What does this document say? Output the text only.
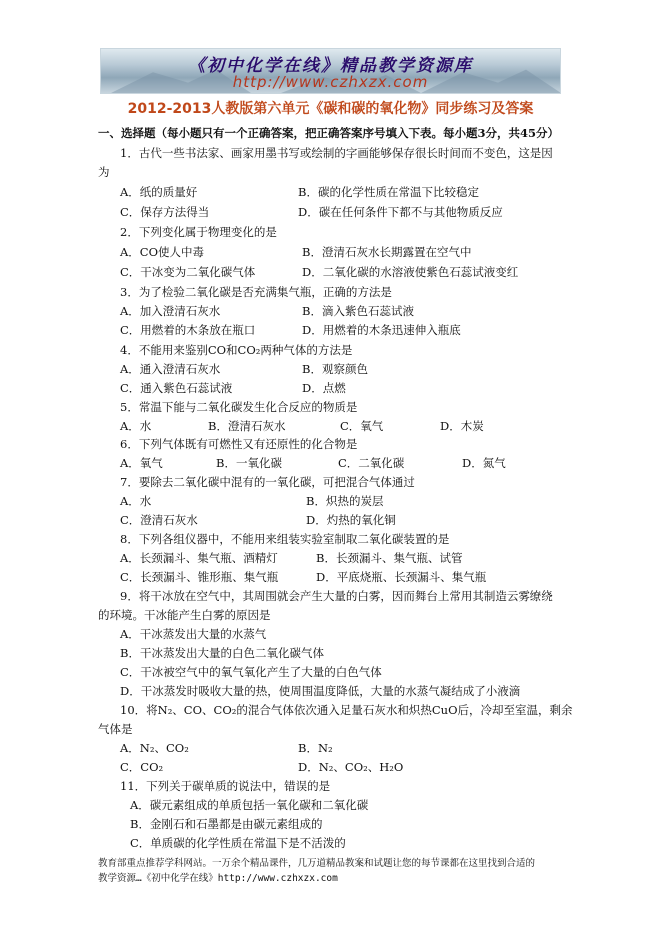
《初中化学在线》精品教学资源库
http://www.czhxzx.com
2012-2013人教版第六单元《碳和碳的氧化物》同步练习及答案
一、选择题（每小题只有一个正确答案，把正确答案序号填入下表。每小题3分，共45分）
1．古代一些书法家、画家用墨书写或绘制的字画能够保存很长时间而不变色，这是因
为
A．纸的质量好	B．碳的化学性质在常温下比较稳定
C．保存方法得当	D．碳在任何条件下都不与其他物质反应
2．下列变化属于物理变化的是
A．CO使人中毒	B．澄清石灰水长期露置在空气中
C．干冰变为二氧化碳气体	D．二氧化碳的水溶液使紫色石蕊试液变红
3．为了检验二氧化碳是否充满集气瓶，正确的方法是
A．加入澄清石灰水	B．滴入紫色石蕊试液
C．用燃着的木条放在瓶口	D．用燃着的木条迅速伸入瓶底
4．不能用来鉴别CO和CO₂两种气体的方法是
A．通入澄清石灰水	B．观察颜色
C．通入紫色石蕊试液	D．点燃
5．常温下能与二氧化碳发生化合反应的物质是
A．水	B．澄清石灰水	C．氧气	D．木炭
6．下列气体既有可燃性又有还原性的化合物是
A．氧气	B．一氧化碳	C．二氧化碳	D．氮气
7．要除去二氧化碳中混有的一氧化碳，可把混合气体通过
A．水	B．炽热的炭层
C．澄清石灰水	D．灼热的氧化铜
8．下列各组仪器中，不能用来组装实验室制取二氧化碳装置的是
A．长颈漏斗、集气瓶、酒精灯	B．长颈漏斗、集气瓶、试管
C．长颈漏斗、锥形瓶、集气瓶	D．平底烧瓶、长颈漏斗、集气瓶
9．将干冰放在空气中，其周围就会产生大量的白雾，因而舞台上常用其制造云雾缭绕
的环境。干冰能产生白雾的原因是
A．干冰蒸发出大量的水蒸气
B．干冰蒸发出大量的白色二氧化碳气体
C．干冰被空气中的氧气氧化产生了大量的白色气体
D．干冰蒸发时吸收大量的热，使周围温度降低，大量的水蒸气凝结成了小液滴
10．将N₂、CO、CO₂的混合气体依次通入足量石灰水和炽热CuO后，冷却至室温，剩余
气体是
A．N₂、CO₂	B．N₂
C．CO₂	D．N₂、CO₂、H₂O
11．下列关于碳单质的说法中，错误的是
A．碳元素组成的单质包括一氧化碳和二氧化碳
B．金刚石和石墨都是由碳元素组成的
C．单质碳的化学性质在常温下是不活泼的
教育部重点推荐学科网站。一万余个精品课件，几万道精品教案和试题让您的每节课都在这里找到合适的
教学资源…《初中化学在线》http://www.czhxzx.com
